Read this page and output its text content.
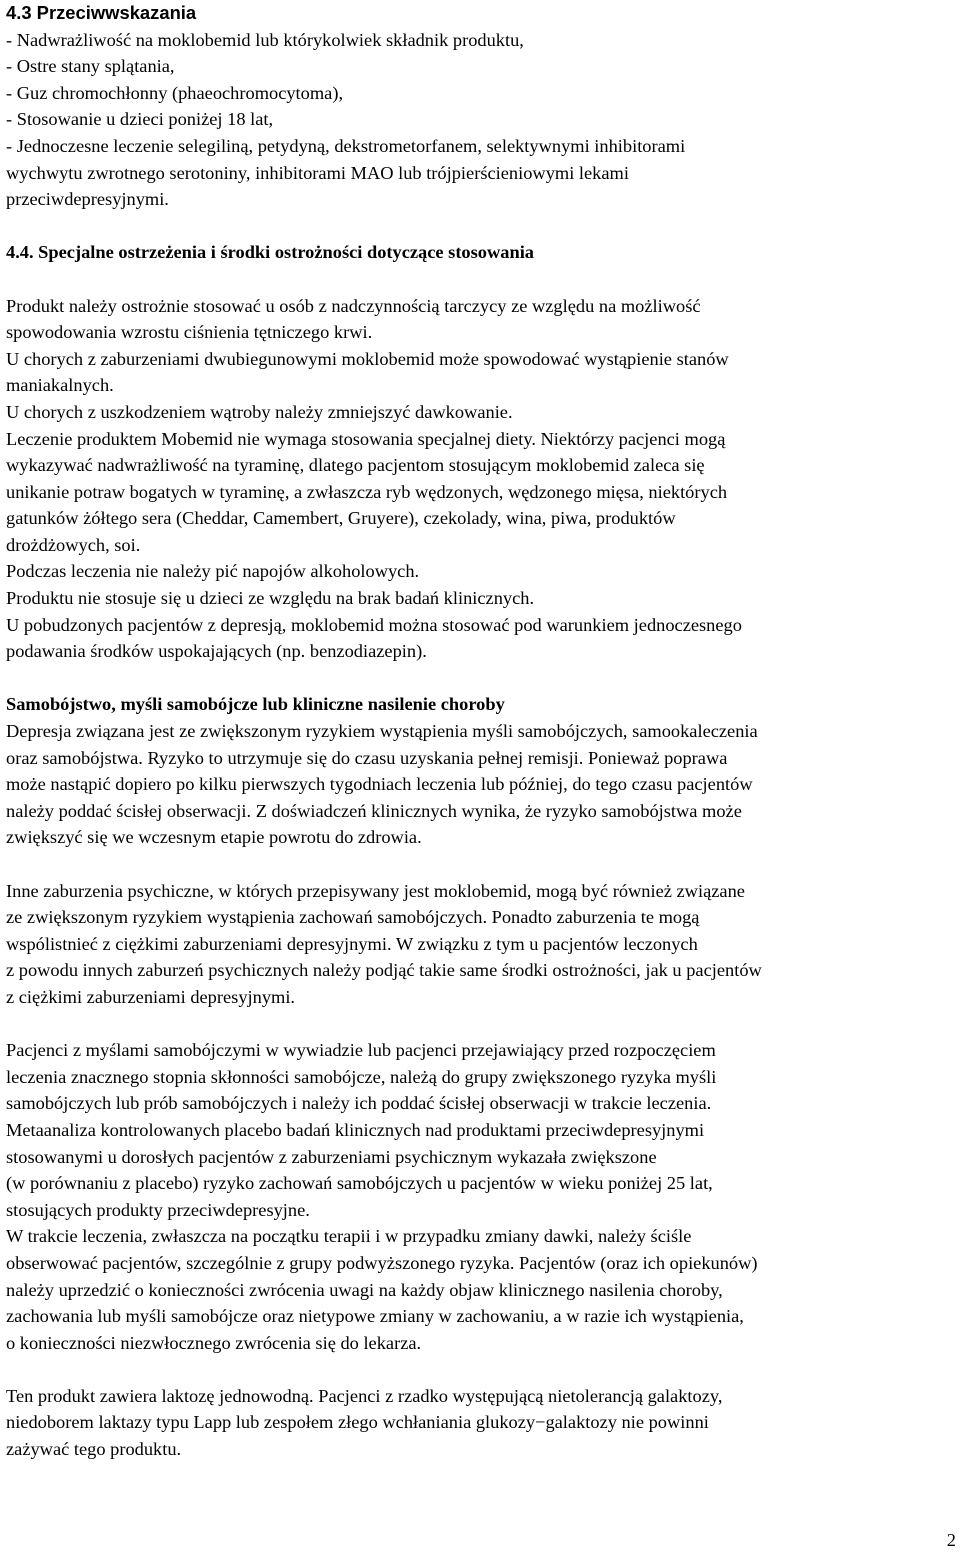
4.3 Przeciwwskazania
- Nadwrażliwość na moklobemid lub którykolwiek składnik produktu,
- Ostre stany splątania,
- Guz chromochłonny (phaeochromocytoma),
- Stosowanie u dzieci poniżej 18 lat,
- Jednoczesne leczenie selegiliną, petydyną, dekstrometorfanem, selektywnymi inhibitorami
wychwytu zwrotnego serotoniny, inhibitorami MAO lub trójpierścieniowymi lekami
przeciwdepresyjnymi.
4.4. Specjalne ostrzeżenia i środki ostrożności dotyczące stosowania
Produkt należy ostrożnie stosować u osób z nadczynnością tarczycy ze względu na możliwość
spowodowania wzrostu ciśnienia tętniczego krwi.
U chorych z zaburzeniami dwubiegunowymi moklobemid może spowodować wystąpienie stanów
maniakalnych.
U chorych z uszkodzeniem wątroby należy zmniejszyć dawkowanie.
Leczenie produktem Mobemid nie wymaga stosowania specjalnej diety. Niektórzy pacjenci mogą
wykazywać nadwrażliwość na tyraminę, dlatego pacjentom stosującym moklobemid zaleca się
unikanie potraw bogatych w tyraminę, a zwłaszcza ryb wędzonych, wędzonego mięsa, niektórych
gatunków żółtego sera (Cheddar, Camembert, Gruyere), czekolady, wina, piwa, produktów
drożdżowych, soi.
Podczas leczenia nie należy pić napojów alkoholowych.
Produktu nie stosuje się u dzieci ze względu na brak badań klinicznych.
U pobudzonych pacjentów z depresją, moklobemid można stosować pod warunkiem jednoczesnego
podawania środków uspokajających (np. benzodiazepin).
Samobójstwo, myśli samobójcze lub kliniczne nasilenie choroby
Depresja związana jest ze zwiększonym ryzykiem wystąpienia myśli samobójczych, samookaleczenia
oraz samobójstwa. Ryzyko to utrzymuje się do czasu uzyskania pełnej remisji. Ponieważ poprawa
może nastąpić dopiero po kilku pierwszych tygodniach leczenia lub później, do tego czasu pacjentów
należy poddać ścisłej obserwacji. Z doświadczeń klinicznych wynika, że ryzyko samobójstwa może
zwiększyć się we wczesnym etapie powrotu do zdrowia.
Inne zaburzenia psychiczne, w których przepisywany jest moklobemid, mogą być również związane
ze zwiększonym ryzykiem wystąpienia zachowań samobójczych. Ponadto zaburzenia te mogą
wspólistnieć z ciężkimi zaburzeniami depresyjnymi. W związku z tym u pacjentów leczonych
z powodu innych zaburzeń psychicznych należy podjąć takie same środki ostrożności, jak u pacjentów
z ciężkimi zaburzeniami depresyjnymi.
Pacjenci z myślami samobójczymi w wywiadzie lub pacjenci przejawiający przed rozpoczęciem
leczenia znacznego stopnia skłonności samobójcze, należą do grupy zwiększonego ryzyka myśli
samobójczych lub prób samobójczych i należy ich poddać ścisłej obserwacji w trakcie leczenia.
Metaanaliza kontrolowanych placebo badań klinicznych nad produktami przeciwdepresyjnymi
stosowanymi u dorosłych pacjentów z zaburzeniami psychicznym wykazała zwiększone
(w porównaniu z placebo) ryzyko zachowań samobójczych u pacjentów w wieku poniżej 25 lat,
stosujących produkty przeciwdepresyjne.
W trakcie leczenia, zwłaszcza na początku terapii i w przypadku zmiany dawki, należy ściśle
obserwować pacjentów, szczególnie z grupy podwyższonego ryzyka. Pacjentów (oraz ich opiekunów)
należy uprzedzić o konieczności zwrócenia uwagi na każdy objaw klinicznego nasilenia choroby,
zachowania lub myśli samobójcze oraz nietypowe zmiany w zachowaniu, a w razie ich wystąpienia,
o konieczności niezwłocznego zwrócenia się do lekarza.
Ten produkt zawiera laktozę jednowodną. Pacjenci z rzadko występującą nietolerancją galaktozy,
niedoborem laktazy typu Lapp lub zespołem złego wchłaniania glukozy−galaktozy nie powinni
zażywać tego produktu.
2
